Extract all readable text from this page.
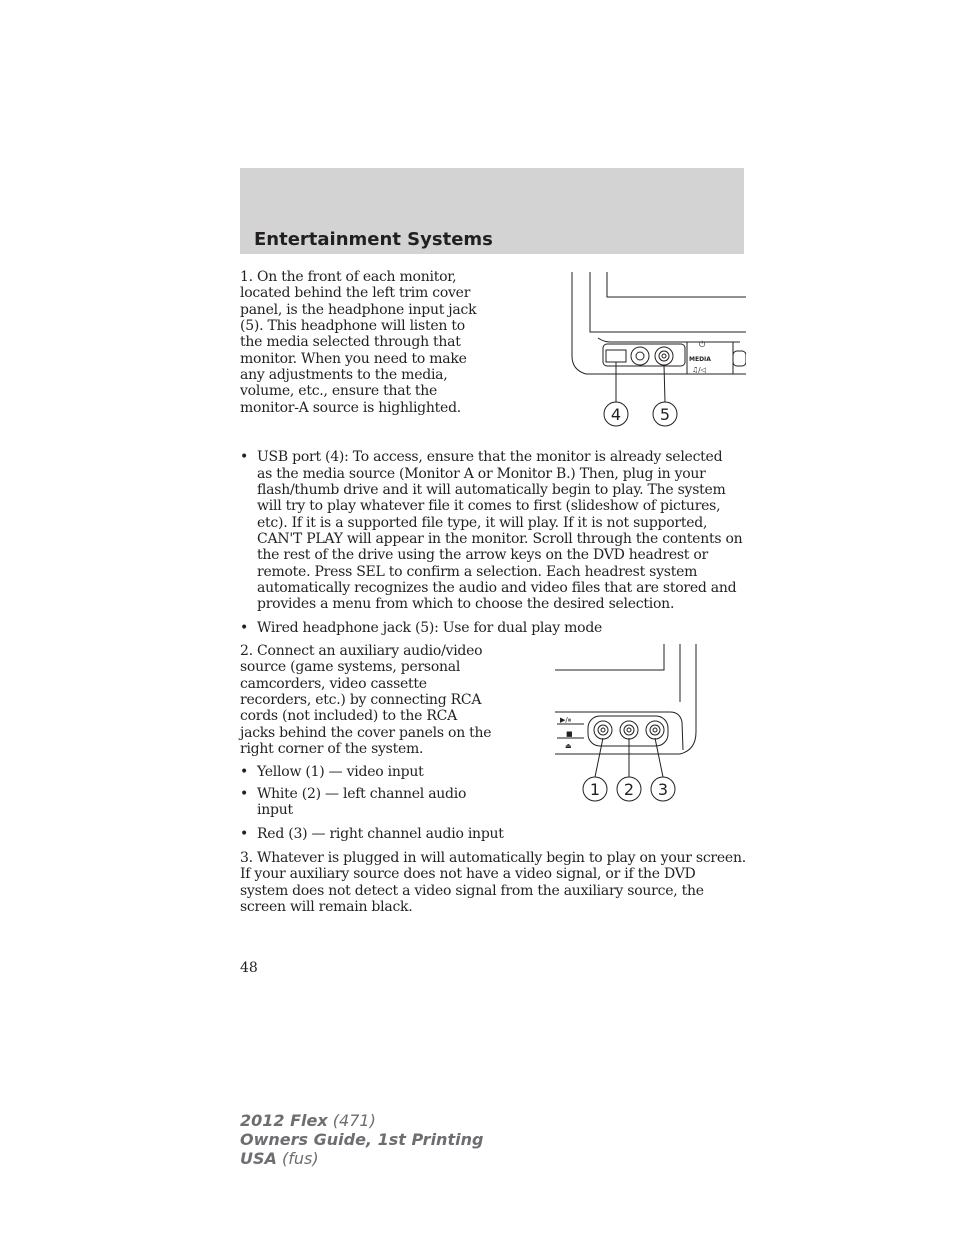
Entertainment Systems
1. On the front of each monitor,
located behind the left trim cover
panel, is the headphone input jack
(5). This headphone will listen to
the media selected through that
monitor. When you need to make
any adjustments to the media,
volume, etc., ensure that the
monitor-A source is highlighted.
MEDIA
⏻
♫/◁
4 5
• USB port (4): To access, ensure that the monitor is already selected
as the media source (Monitor A or Monitor B.) Then, plug in your
flash/thumb drive and it will automatically begin to play. The system
will try to play whatever file it comes to first (slideshow of pictures,
etc). If it is a supported file type, it will play. If it is not supported,
CAN'T PLAY will appear in the monitor. Scroll through the contents on
the rest of the drive using the arrow keys on the DVD headrest or
remote. Press SEL to confirm a selection. Each headrest system
automatically recognizes the audio and video files that are stored and
provides a menu from which to choose the desired selection.
• Wired headphone jack (5): Use for dual play mode
2. Connect an auxiliary audio/video
source (game systems, personal
camcorders, video cassette
recorders, etc.) by connecting RCA
cords (not included) to the RCA
jacks behind the cover panels on the
right corner of the system.
• Yellow (1) — video input
• White (2) — left channel audio
input
• Red (3) — right channel audio input
▶/⏸
■
⏏
1 2 3
3. Whatever is plugged in will automatically begin to play on your screen.
If your auxiliary source does not have a video signal, or if the DVD
system does not detect a video signal from the auxiliary source, the
screen will remain black.
48
2012 Flex (471)
Owners Guide, 1st Printing
USA (fus)
